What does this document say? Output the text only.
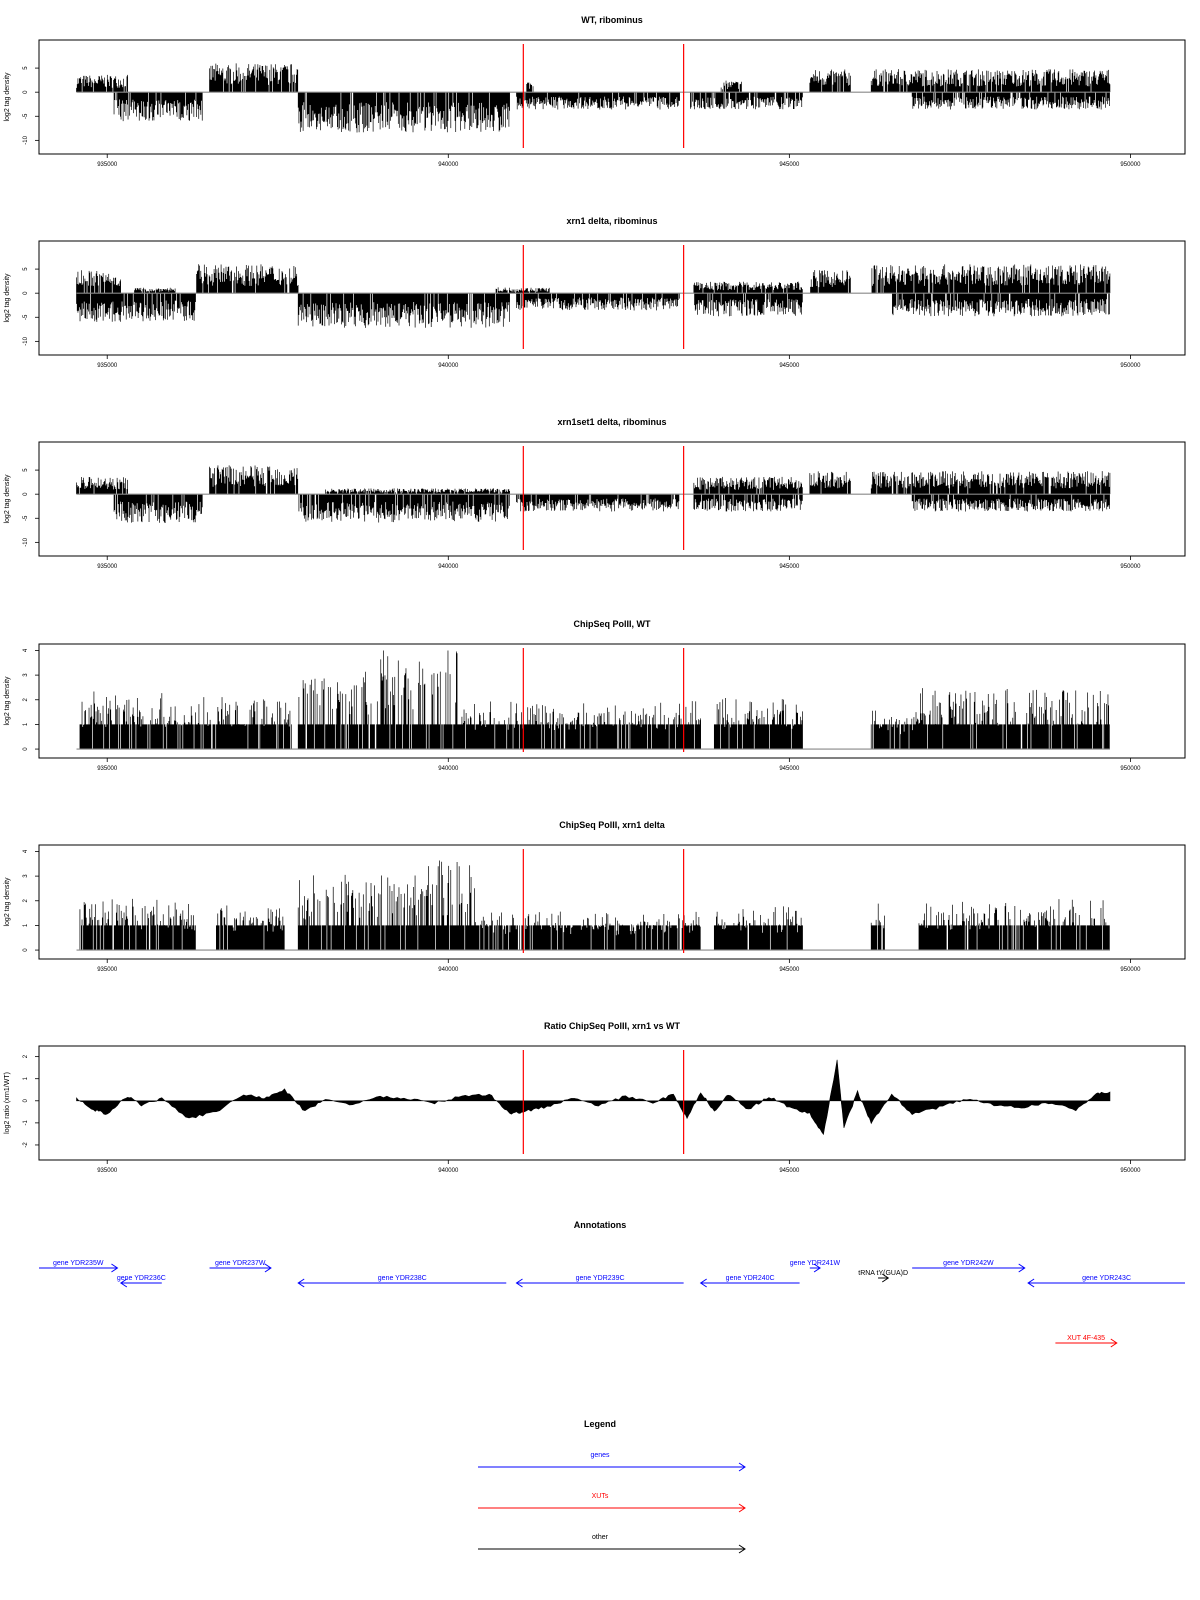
WT, ribominus
log2 tag density
-10
-5
0
5
935000	940000	945000	950000
xrn1 delta, ribominus
log2 tag density
-10
-5
0
5
935000	940000	945000	950000
xrn1set1 delta, ribominus
log2 tag density
-10
-5
0
5
935000	940000	945000	950000
ChipSeq PolII, WT
log2 tag density
0
1
2
3
4
935000	940000	945000	950000
ChipSeq PolII, xrn1 delta
log2 tag density
0
1
2
3
4
935000	940000	945000	950000
Ratio ChipSeq PolII, xrn1 vs WT
log2 ratio (xrn1/WT)
-2
-1
0
1
2
935000	940000	945000	950000
Annotations
gene YDR235W
gene YDR236C
gene YDR237W
gene YDR238C	gene YDR239C	gene YDR240C
gene YDR241W
tRNA tY(GUA)D
gene YDR242W
gene YDR243C
XUT 4F-435
Legend
genes
XUTs
other
